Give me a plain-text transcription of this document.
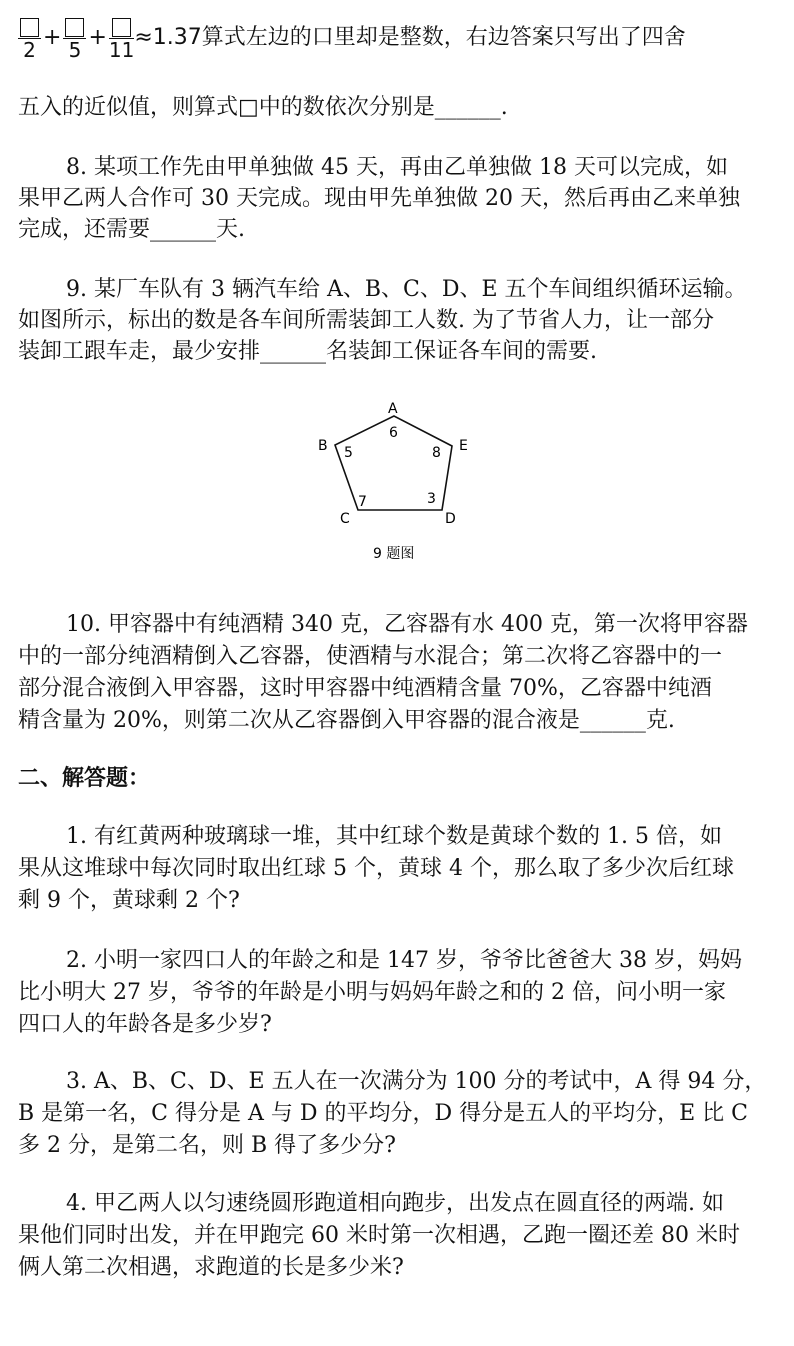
2 + 5 + 11 ≈1.37算式左边的口里却是整数，右边答案只写出了四舍
五入的近似值，则算式□中的数依次分别是______.
8. 某项工作先由甲单独做 45 天，再由乙单独做 18 天可以完成，如
果甲乙两人合作可 30 天完成。现由甲先单独做 20 天，然后再由乙来单独
完成，还需要______天.
9. 某厂车队有 3 辆汽车给 A、B、C、D、E 五个车间组织循环运输。
如图所示，标出的数是各车间所需装卸工人数. 为了节省人力，让一部分
装卸工跟车走，最少安排______名装卸工保证各车间的需要.
A
B
C	D
E
6
5
7	3
8
9 题图
10. 甲容器中有纯酒精 340 克，乙容器有水 400 克，第一次将甲容器
中的一部分纯酒精倒入乙容器，使酒精与水混合；第二次将乙容器中的一
部分混合液倒入甲容器，这时甲容器中纯酒精含量 70%，乙容器中纯酒
精含量为 20%，则第二次从乙容器倒入甲容器的混合液是______克.
二、解答题：
1. 有红黄两种玻璃球一堆，其中红球个数是黄球个数的 1. 5 倍，如
果从这堆球中每次同时取出红球 5 个，黄球 4 个，那么取了多少次后红球
剩 9 个，黄球剩 2 个?
2. 小明一家四口人的年龄之和是 147 岁，爷爷比爸爸大 38 岁，妈妈
比小明大 27 岁，爷爷的年龄是小明与妈妈年龄之和的 2 倍，问小明一家
四口人的年龄各是多少岁?
3. A、B、C、D、E 五人在一次满分为 100 分的考试中，A 得 94 分，
B 是第一名，C 得分是 A 与 D 的平均分，D 得分是五人的平均分，E 比 C
多 2 分，是第二名，则 B 得了多少分?
4. 甲乙两人以匀速绕圆形跑道相向跑步，出发点在圆直径的两端. 如
果他们同时出发，并在甲跑完 60 米时第一次相遇，乙跑一圈还差 80 米时
俩人第二次相遇，求跑道的长是多少米?
